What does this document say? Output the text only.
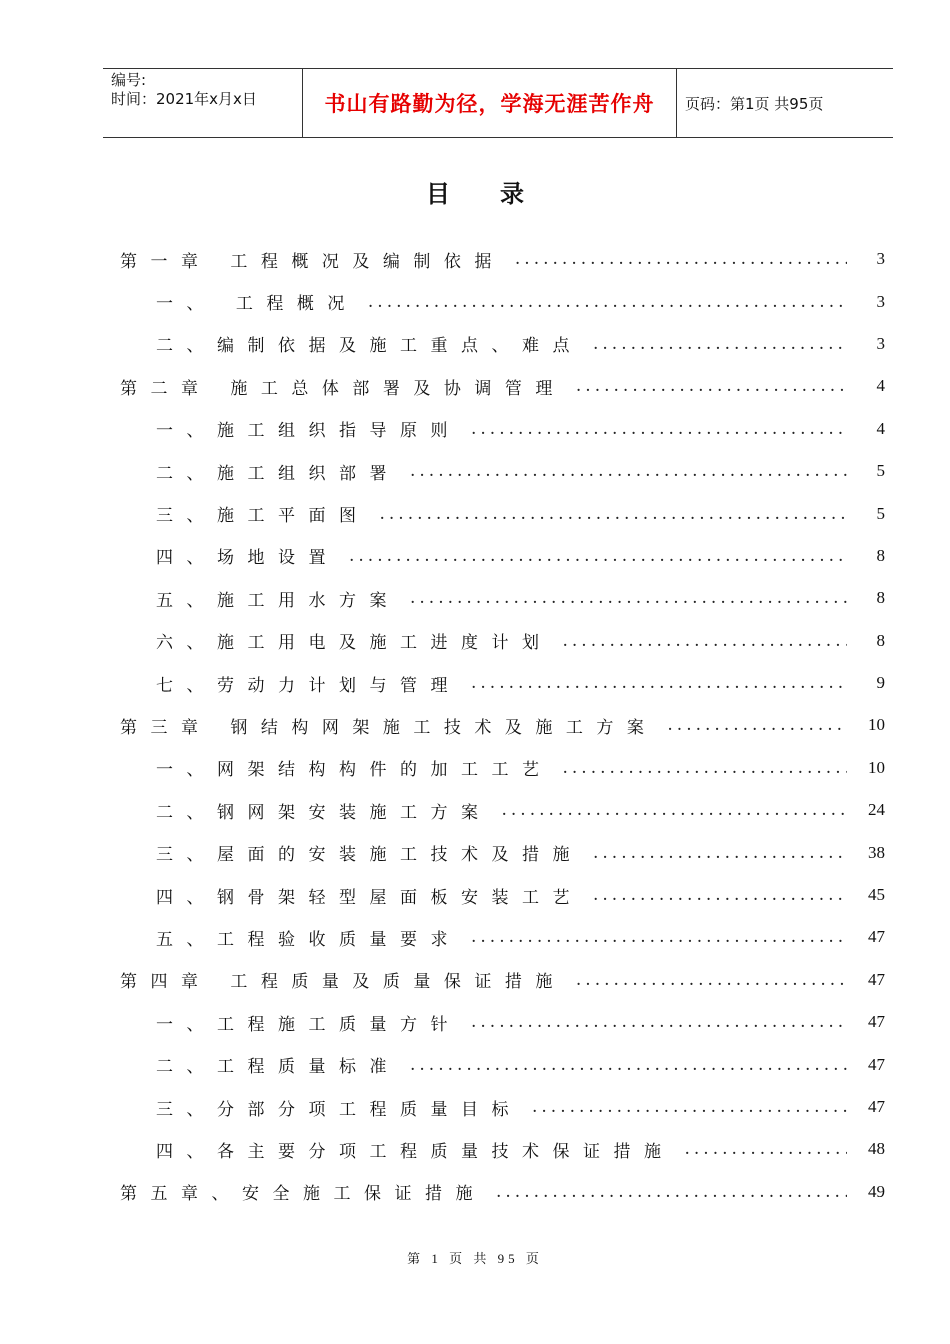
编号:
时间：2021年x月x日	书山有路勤为径，学海无涯苦作舟	页码：第1页 共95页
目录
第一章 工程概况及编制依据 .....	3
一、 工程概况 .....	3
二、编制依据及施工重点、难点 .....	3
第二章 施工总体部署及协调管理 .....	4
一、施工组织指导原则 .....	4
二、施工组织部署 .....	5
三、施工平面图 .....	5
四、场地设置 .....	8
五、施工用水方案 .....	8
六、施工用电及施工进度计划 .....	8
七、劳动力计划与管理 .....	9
第三章 钢结构网架施工技术及施工方案 .....	10
一、网架结构构件的加工工艺 .....	10
二、钢网架安装施工方案 .....	24
三、屋面的安装施工技术及措施 .....	38
四、钢骨架轻型屋面板安装工艺 .....	45
五、工程验收质量要求 .....	47
第四章 工程质量及质量保证措施 .....	47
一、工程施工质量方针 .....	47
二、工程质量标准 .....	47
三、分部分项工程质量目标 .....	47
四、各主要分项工程质量技术保证措施 .....	48
第五章、安全施工保证措施 .....	49
第 1 页 共 95 页
